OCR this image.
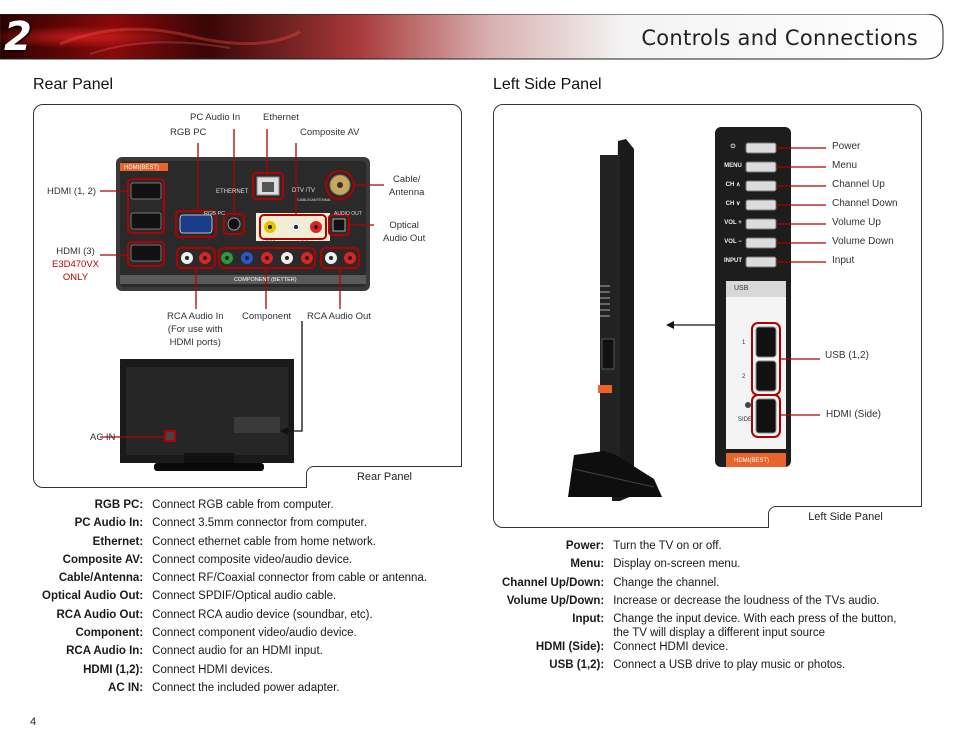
2	Controls and Connections
Rear Panel
HDMI(BEST)
ETHERNET
RGB PC
DTV /TV
CABLE/ANTENNA
AUDIO OUT
VIDEO	AUDIO
COMPONENT (BETTER)
RGB PC
PC Audio In Ethernet
Composite AV
Cable/
Antenna
Optical
Audio Out
HDMI (1, 2)
HDMI (3)
E3D470VX
ONLY
RCA Audio In
(For use with
HDMI ports)
Component RCA Audio Out
AC IN
Rear Panel
RGB PC:	Connect RGB cable from computer.
PC Audio In:	Connect 3.5mm connector from computer.
Ethernet:	Connect ethernet cable from home network.
Composite AV:	Connect composite video/audio device.
Cable/Antenna:	Connect RF/Coaxial connector from cable or antenna.
Optical Audio Out:	Connect SPDIF/Optical audio cable.
RCA Audio Out:	Connect RCA audio device (soundbar, etc).
Component:	Connect component video/audio device.
RCA Audio In:	Connect audio for an HDMI input.
HDMI (1,2):	Connect HDMI devices.
AC IN:	Connect the included power adapter.
Left Side Panel
⏻
MENU
CH ∧
CH ∨
VOL +
VOL −
INPUT
Power
Menu
Channel Up
Channel Down
Volume Up
Volume Down
Input
USB
1
2
SIDE
HDMI(BEST)
USB (1,2)
HDMI (Side)
Left Side Panel
Power:	Turn the TV on or off.
Menu:	Display on-screen menu.
Channel Up/Down:	Change the channel.
Volume Up/Down:	Increase or decrease the loudness of the TVs audio.
Input:	Change the input device. With each press of the button, the TV will display a different input source
HDMI (Side):	Connect HDMI device.
USB (1,2):	Connect a USB drive to play music or photos.
4
